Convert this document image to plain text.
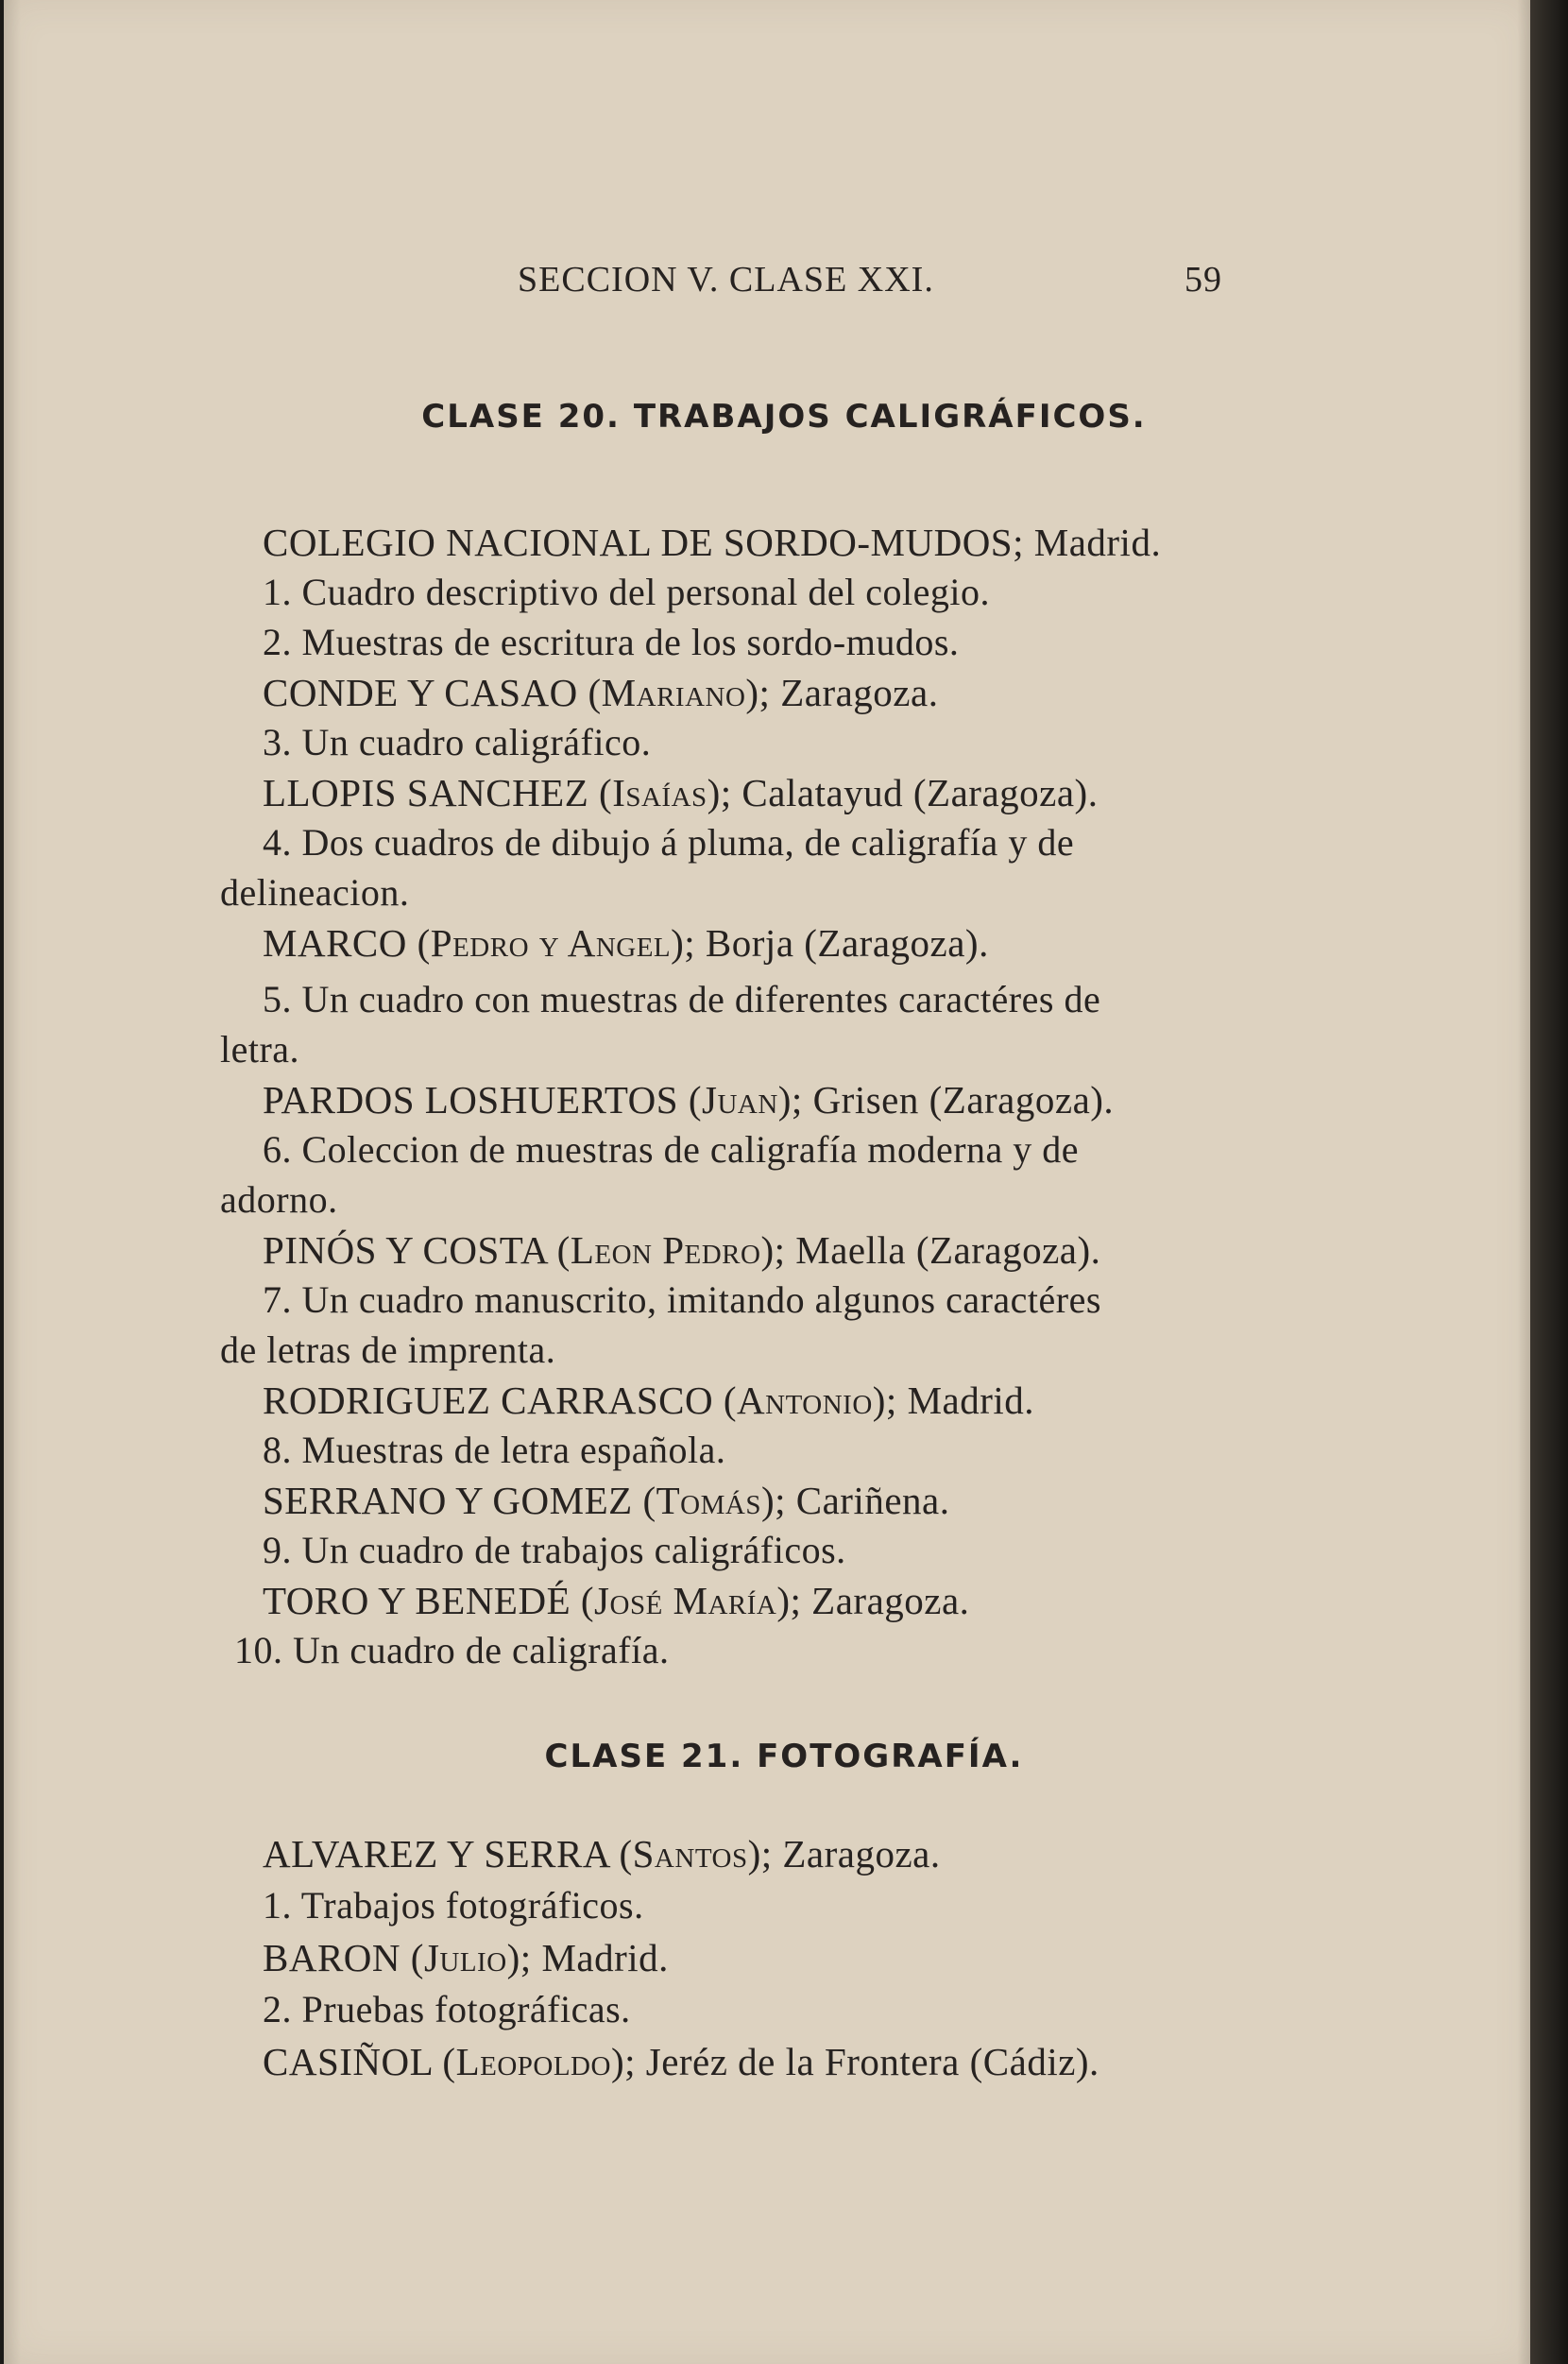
SECCION V. CLASE XXI.	59
CLASE 20. TRABAJOS CALIGRÁFICOS.
COLEGIO NACIONAL DE SORDO-MUDOS; Madrid.
1. Cuadro descriptivo del personal del colegio.
2. Muestras de escritura de los sordo-mudos.
CONDE Y CASAO (Mariano); Zaragoza.
3. Un cuadro caligráfico.
LLOPIS SANCHEZ (Isaías); Calatayud (Zaragoza).
4. Dos cuadros de dibujo á pluma, de caligrafía y de
delineacion.
MARCO (Pedro y Angel); Borja (Zaragoza).
5. Un cuadro con muestras de diferentes caractéres de
letra.
PARDOS LOSHUERTOS (Juan); Grisen (Zaragoza).
6. Coleccion de muestras de caligrafía moderna y de
adorno.
PINÓS Y COSTA (Leon Pedro); Maella (Zaragoza).
7. Un cuadro manuscrito, imitando algunos caractéres
de letras de imprenta.
RODRIGUEZ CARRASCO (Antonio); Madrid.
8. Muestras de letra española.
SERRANO Y GOMEZ (Tomás); Cariñena.
9. Un cuadro de trabajos caligráficos.
TORO Y BENEDÉ (José María); Zaragoza.
10. Un cuadro de caligrafía.
CLASE 21. FOTOGRAFÍA.
ALVAREZ Y SERRA (Santos); Zaragoza.
1. Trabajos fotográficos.
BARON (Julio); Madrid.
2. Pruebas fotográficas.
CASIÑOL (Leopoldo); Jeréz de la Frontera (Cádiz).
